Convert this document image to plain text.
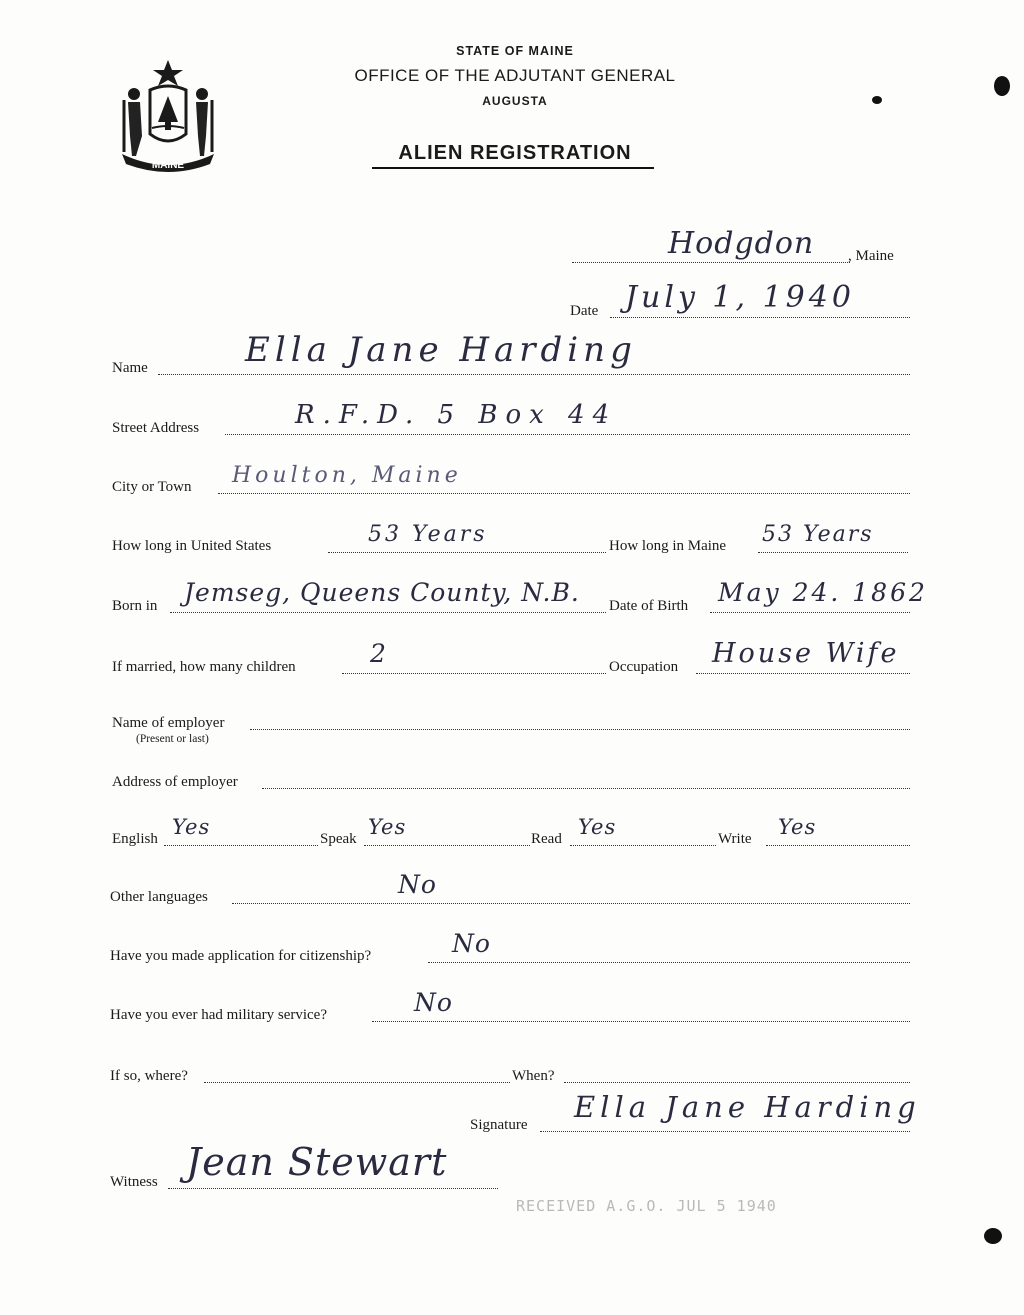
MAINE
STATE OF MAINE
OFFICE OF THE ADJUTANT GENERAL
AUGUSTA
ALIEN REGISTRATION
Hodgdon , Maine
Date July 1, 1940
Name	Ella Jane Harding
Street Address	R.F.D. 5 Box 44
City or Town Houlton, Maine
How long in United States	53 Years	How long in Maine 53 Years
Born in Jemseg, Queens County, N.B. Date of Birth May 24. 1862
If married, how many children	2	Occupation House Wife
Name of employer
(Present or last)
Address of employer
English Yes	Speak Yes	Read Yes	Write Yes
Other languages	No
Have you made application for citizenship?	No
Have you ever had military service?	No
If so, where?	When?
Signature
Ella Jane Harding
Witness Jean Stewart
RECEIVED A.G.O. JUL 5 1940
